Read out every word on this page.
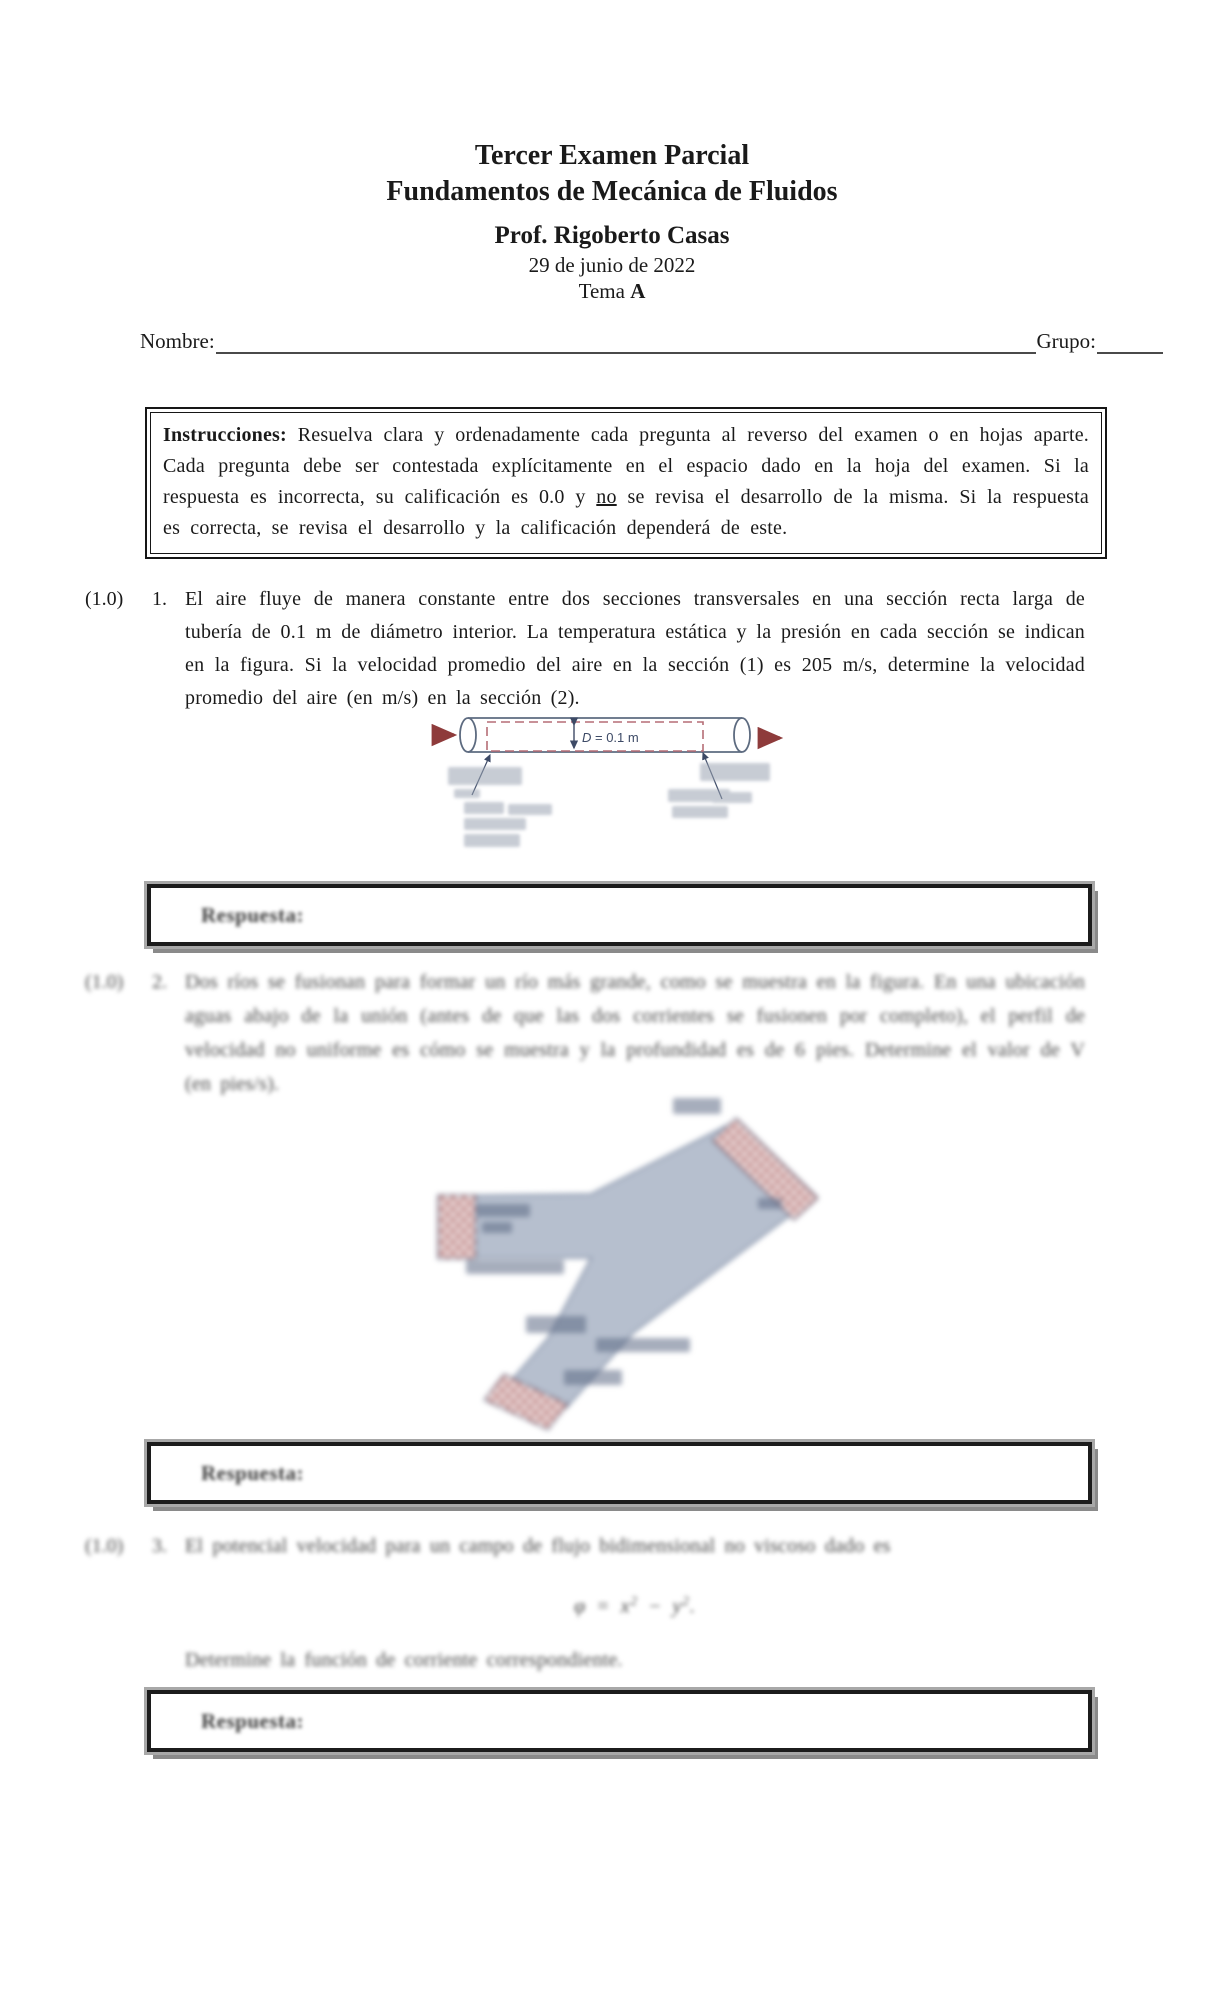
Tercer Examen Parcial
Fundamentos de Mecánica de Fluidos
Prof. Rigoberto Casas
29 de junio de 2022
Tema A
Nombre:	Grupo:
Instrucciones: Resuelva clara y ordenadamente cada pregunta al reverso del examen o en hojas aparte. Cada pregunta debe ser contestada explícitamente en el espacio dado en la hoja del examen. Si la respuesta es incorrecta, su calificación es 0.0 y no se revisa el desarrollo de la misma. Si la respuesta es correcta, se revisa el desarrollo y la calificación dependerá de este.
(1.0)	1. El aire fluye de manera constante entre dos secciones transversales en una sección recta larga de tubería de 0.1 m de diámetro interior. La temperatura estática y la presión en cada sección se indican en la figura. Si la velocidad promedio del aire en la sección (1) es 205 m/s, determine la velocidad promedio del aire (en m/s) en la sección (2).
D = 0.1 m
Respuesta:
(1.0)	2. Dos ríos se fusionan para formar un río más grande, como se muestra en la figura. En una ubicación aguas abajo de la unión (antes de que las dos corrientes se fusionen por completo), el perfil de velocidad no uniforme es cómo se muestra y la profundidad es de 6 pies. Determine el valor de V (en pies/s).
Respuesta:
(1.0)	3. El potencial velocidad para un campo de flujo bidimensional no viscoso dado es
$\varphi = x^2 - y^2$.
Determine la función de corriente correspondiente.
Respuesta:
